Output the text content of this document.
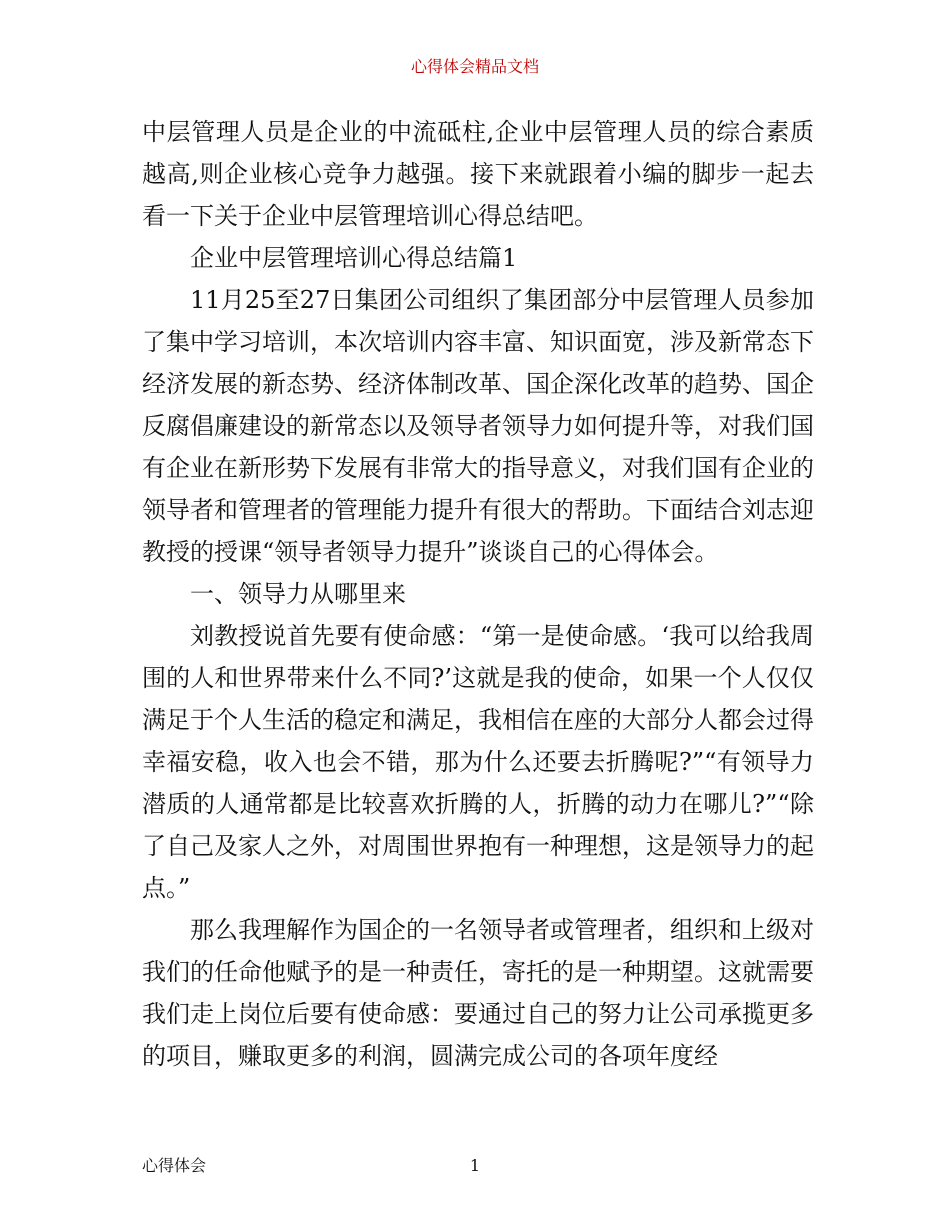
心得体会精品文档

中层管理人员是企业的中流砥柱,企业中层管理人员的综合素质越高,则企业核心竞争力越强。接下来就跟着小编的脚步一起去看一下关于企业中层管理培训心得总结吧。

企业中层管理培训心得总结篇1

11月25至27日集团公司组织了集团部分中层管理人员参加了集中学习培训，本次培训内容丰富、知识面宽，涉及新常态下经济发展的新态势、经济体制改革、国企深化改革的趋势、国企反腐倡廉建设的新常态以及领导者领导力如何提升等，对我们国有企业在新形势下发展有非常大的指导意义，对我们国有企业的领导者和管理者的管理能力提升有很大的帮助。下面结合刘志迎教授的授课“领导者领导力提升”谈谈自己的心得体会。

一、领导力从哪里来

刘教授说首先要有使命感：“第一是使命感。‘我可以给我周围的人和世界带来什么不同?’这就是我的使命，如果一个人仅仅满足于个人生活的稳定和满足，我相信在座的大部分人都会过得幸福安稳，收入也会不错，那为什么还要去折腾呢?”“有领导力潜质的人通常都是比较喜欢折腾的人，折腾的动力在哪儿?”“除了自己及家人之外，对周围世界抱有一种理想，这是领导力的起点。”

那么我理解作为国企的一名领导者或管理者，组织和上级对我们的任命他赋予的是一种责任，寄托的是一种期望。这就需要我们走上岗位后要有使命感：要通过自己的努力让公司承揽更多的项目，赚取更多的利润，圆满完成公司的各项年度经

心得体会	1
